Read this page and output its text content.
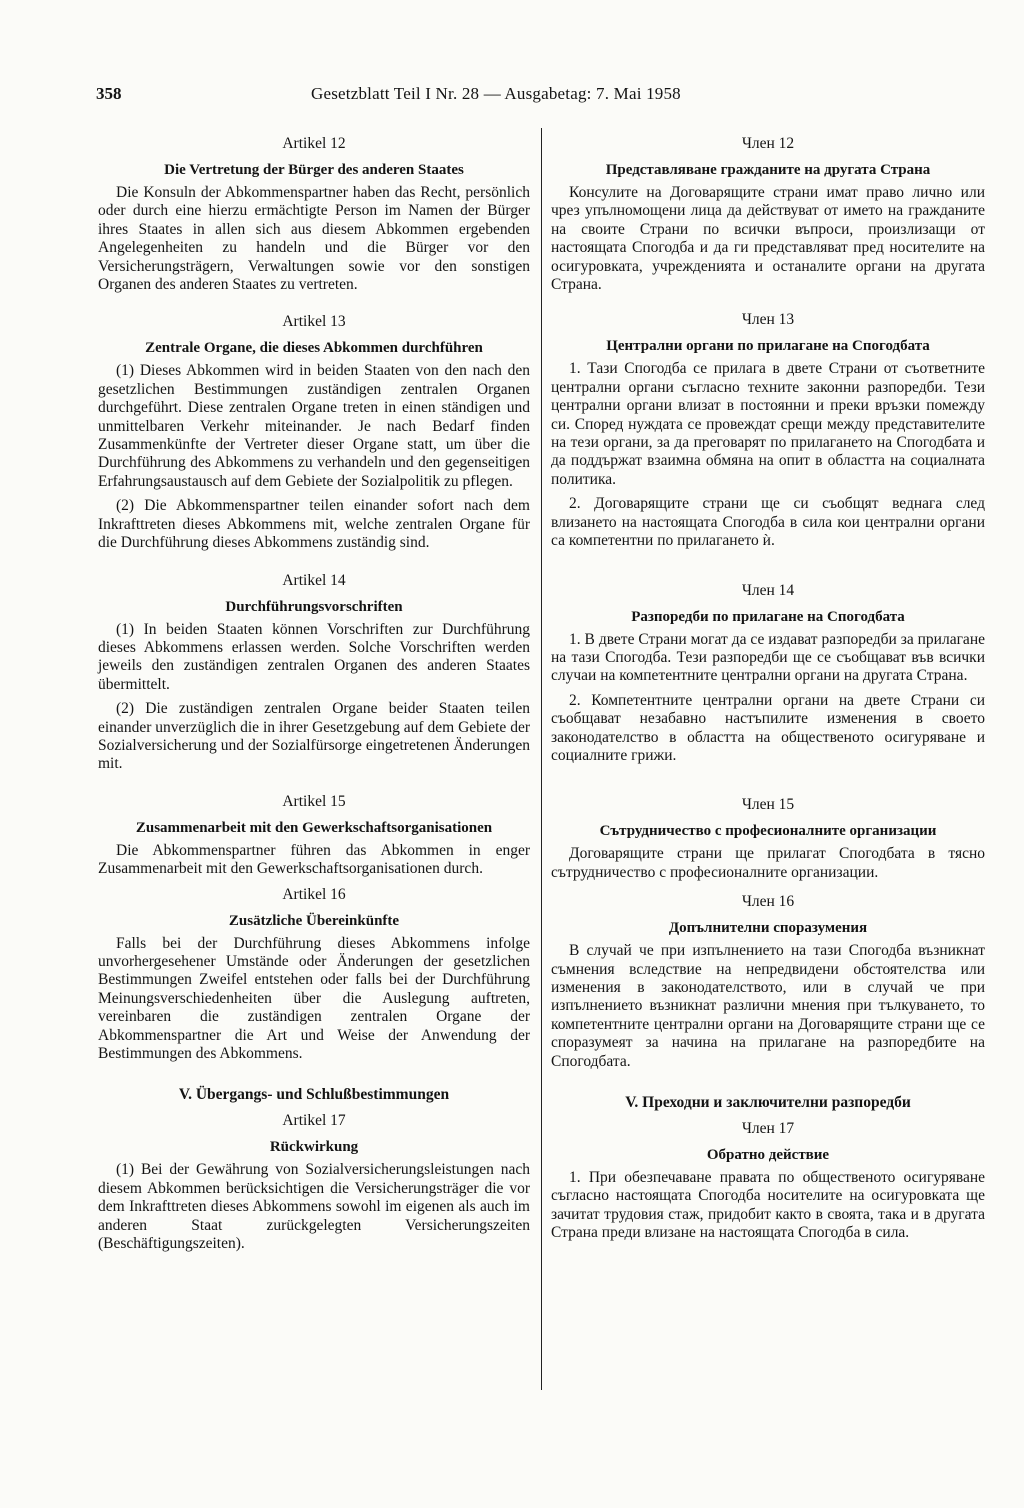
358	Gesetzblatt Teil I Nr. 28 — Ausgabetag: 7. Mai 1958
Artikel 12
Die Vertretung der Bürger des anderen Staates

Die Konsuln der Abkommenspartner haben das Recht, persönlich oder durch eine hierzu ermächtigte Person im Namen der Bürger ihres Staates in allen sich aus diesem Abkommen ergebenden Angelegenheiten zu handeln und die Bürger vor den Versicherungsträgern, Verwaltungen sowie vor den sonstigen Organen des anderen Staates zu vertreten.

Artikel 13
Zentrale Organe, die dieses Abkommen durchführen

(1) Dieses Abkommen wird in beiden Staaten von den nach den gesetzlichen Bestimmungen zuständigen zentralen Organen durchgeführt. Diese zentralen Organe treten in einen ständigen und unmittelbaren Verkehr miteinander. Je nach Bedarf finden Zusammenkünfte der Vertreter dieser Organe statt, um über die Durchführung des Abkommens zu verhandeln und den gegenseitigen Erfahrungsaustausch auf dem Gebiete der Sozialpolitik zu pflegen.

(2) Die Abkommenspartner teilen einander sofort nach dem Inkrafttreten dieses Abkommens mit, welche zentralen Organe für die Durchführung dieses Abkommens zuständig sind.

Artikel 14
Durchführungsvorschriften

(1) In beiden Staaten können Vorschriften zur Durchführung dieses Abkommens erlassen werden. Solche Vorschriften werden jeweils den zuständigen zentralen Organen des anderen Staates übermittelt.

(2) Die zuständigen zentralen Organe beider Staaten teilen einander unverzüglich die in ihrer Gesetzgebung auf dem Gebiete der Sozialversicherung und der Sozialfürsorge eingetretenen Änderungen mit.

Artikel 15
Zusammenarbeit mit den Gewerkschaftsorganisationen

Die Abkommenspartner führen das Abkommen in enger Zusammenarbeit mit den Gewerkschaftsorganisationen durch.

Artikel 16
Zusätzliche Übereinkünfte

Falls bei der Durchführung dieses Abkommens infolge unvorhergesehener Umstände oder Änderungen der gesetzlichen Bestimmungen Zweifel entstehen oder falls bei der Durchführung Meinungsverschiedenheiten über die Auslegung auftreten, vereinbaren die zuständigen zentralen Organe der Abkommenspartner die Art und Weise der Anwendung der Bestimmungen des Abkommens.

V. Übergangs- und Schlußbestimmungen
Artikel 17
Rückwirkung

(1) Bei der Gewährung von Sozialversicherungsleistungen nach diesem Abkommen berücksichtigen die Versicherungsträger die vor dem Inkrafttreten dieses Abkommens sowohl im eigenen als auch im anderen Staat zurückgelegten Versicherungszeiten (Beschäftigungszeiten).

Член 12
Представляване гражданите на другата Страна

Консулите на Договарящите страни имат право лично или чрез упълномощени лица да действуват от името на гражданите на своите Страни по всички въпроси, произлизащи от настоящата Спогодба и да ги представляват пред носителите на осигуровката, учрежденията и останалите органи на другата Страна.

Член 13
Централни органи по прилагане на Спогодбата

1. Тази Спогодба се прилага в двете Страни от съответните централни органи съгласно техните законни разпоредби. Тези централни органи влизат в постоянни и преки връзки помежду си. Според нуждата се провеждат срещи между представителите на тези органи, за да преговарят по прилагането на Спогодбата и да поддържат взаимна обмяна на опит в областта на социалната политика.

2. Договарящите страни ще си съобщят веднага след влизането на настоящата Спогодба в сила кои централни органи са компетентни по прилагането ѝ.

Член 14
Разпоредби по прилагане на Спогодбата

1. В двете Страни могат да се издават разпоредби за прилагане на тази Спогодба. Тези разпоредби ще се съобщават във всички случаи на компетентните централни органи на другата Страна.

2. Компетентните централни органи на двете Страни си съобщават незабавно настъпилите изменения в своето законодателство в областта на общественото осигуряване и социалните грижи.

Член 15
Сътрудничество с професионалните организации

Договарящите страни ще прилагат Спогодбата в тясно сътрудничество с професионалните организации.

Член 16
Допълнителни споразумения

В случай че при изпълнението на тази Спогодба възникнат съмнения вследствие на непредвидени обстоятелства или изменения в законодателството, или в случай че при изпълнението възникнат различни мнения при тълкуването, то компетентните централни органи на Договарящите страни ще се споразумеят за начина на прилагане на разпоредбите на Спогодбата.

V. Преходни и заключителни разпоредби
Член 17
Обратно действие

1. При обезпечаване правата по общественото осигуряване съгласно настоящата Спогодба носителите на осигуровката ще зачитат трудовия стаж, придобит както в своята, така и в другата Страна преди влизане на настоящата Спогодба в сила.
